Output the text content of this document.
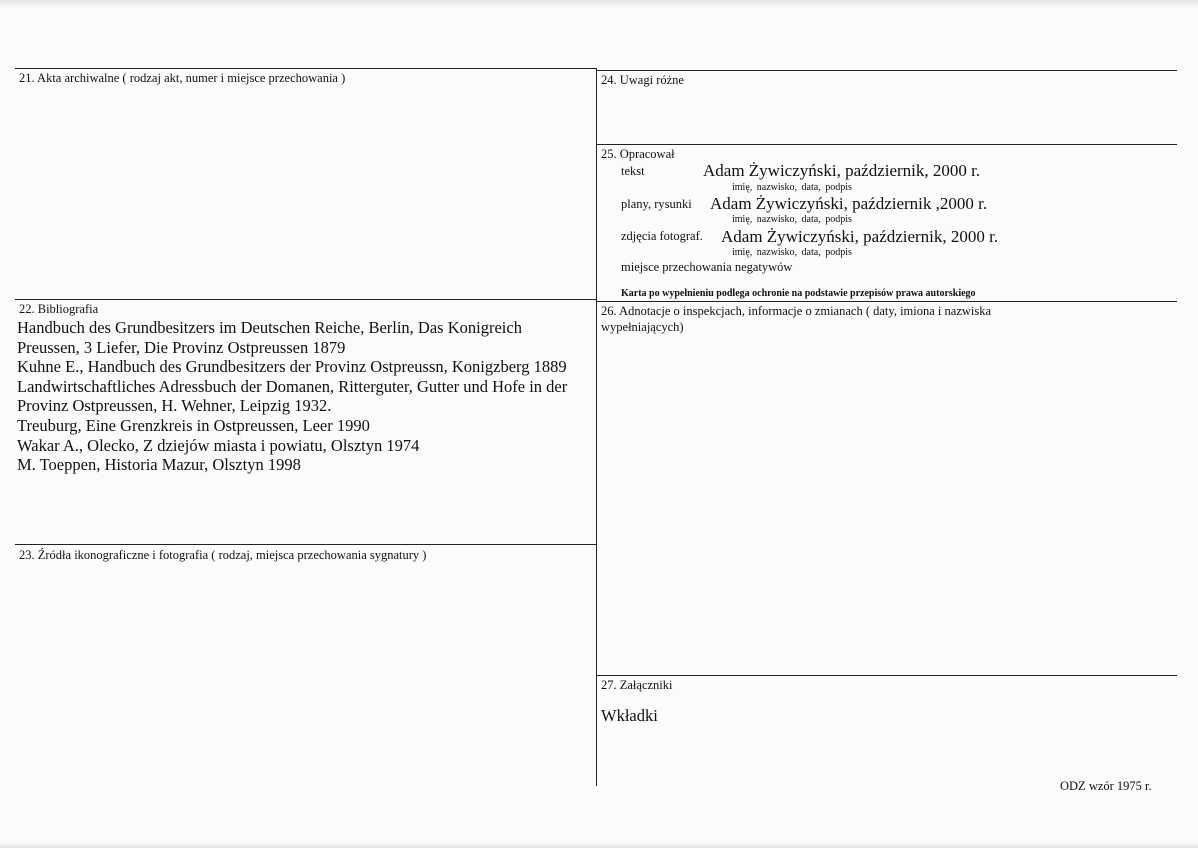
21. Akta archiwalne ( rodzaj akt, numer i miejsce przechowania )
22. Bibliografia
Handbuch des Grundbesitzers im Deutschen Reiche, Berlin, Das Konigreich
Preussen, 3 Liefer, Die Provinz Ostpreussen 1879
Kuhne E., Handbuch des Grundbesitzers der Provinz Ostpreussn, Konigzberg 1889
Landwirtschaftliches Adressbuch der Domanen, Ritterguter, Gutter und Hofe in der
Provinz Ostpreussen, H. Wehner, Leipzig 1932.
Treuburg, Eine Grenzkreis in Ostpreussen, Leer 1990
Wakar A., Olecko, Z dziejów miasta i powiatu, Olsztyn 1974
M. Toeppen, Historia Mazur, Olsztyn 1998
23. Źródła ikonograficzne i fotografia ( rodzaj, miejsca przechowania sygnatury )
24. Uwagi różne
25. Opracował
tekst	Adam Żywiczyński, październik, 2000 r.
imię, nazwisko, data, podpis
plany, rysunki Adam Żywiczyński, październik ,2000 r.
imię, nazwisko, data, podpis
zdjęcia fotograf. Adam Żywiczyński, październik, 2000 r.
imię, nazwisko, data, podpis
miejsce przechowania negatywów
Karta po wypełnieniu podlega ochronie na podstawie przepisów prawa autorskiego
26. Adnotacje o inspekcjach, informacje o zmianach ( daty, imiona i nazwiska
wypełniających)
27. Załączniki
Wkładki
ODZ wzór 1975 r.
